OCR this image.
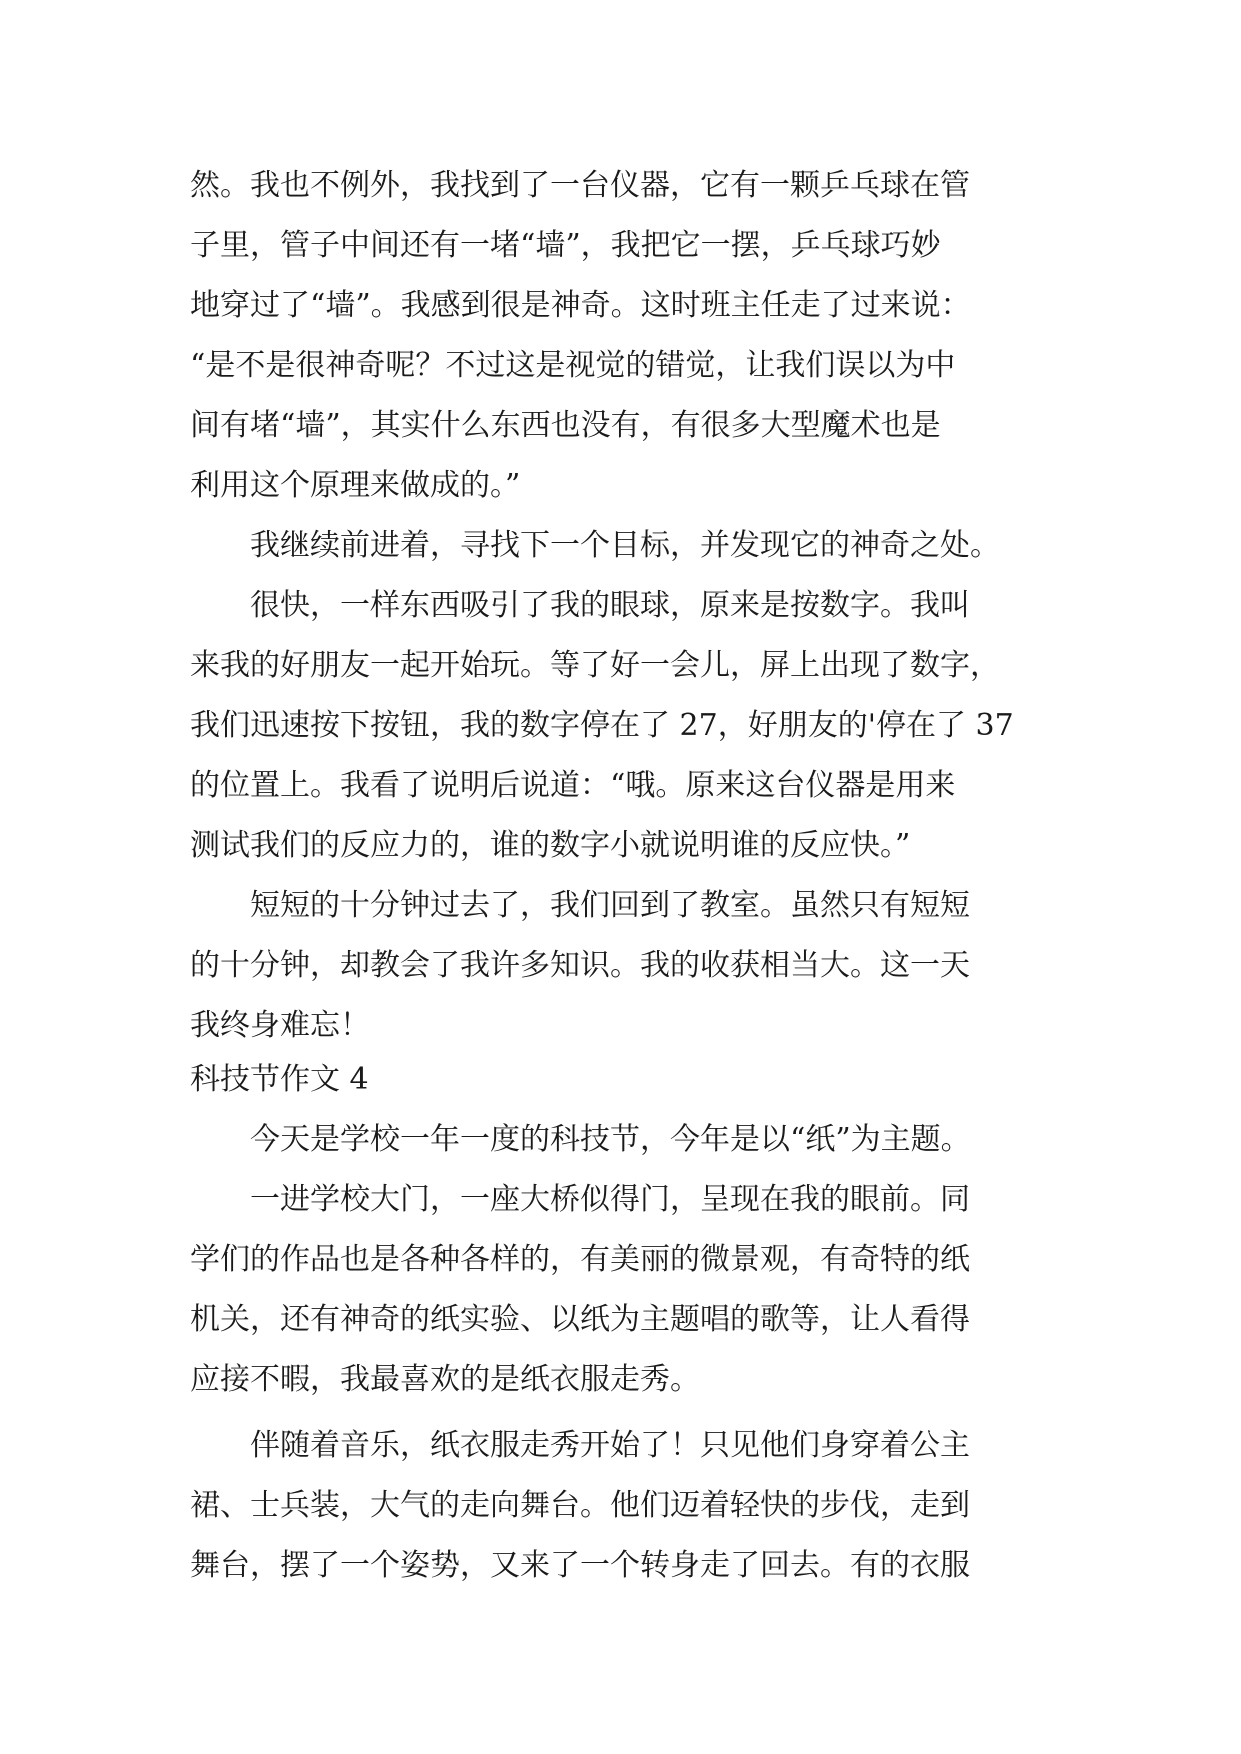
然。我也不例外，我找到了一台仪器，它有一颗乒乓球在管
子里，管子中间还有一堵“墙”，我把它一摆，乒乓球巧妙
地穿过了“墙”。我感到很是神奇。这时班主任走了过来说：
“是不是很神奇呢？不过这是视觉的错觉，让我们误以为中
间有堵“墙”，其实什么东西也没有，有很多大型魔术也是
利用这个原理来做成的。”
　　我继续前进着，寻找下一个目标，并发现它的神奇之处。
　　很快，一样东西吸引了我的眼球，原来是按数字。我叫
来我的好朋友一起开始玩。等了好一会儿，屏上出现了数字，
我们迅速按下按钮，我的数字停在了 27，好朋友的'停在了 37
的位置上。我看了说明后说道：“哦。原来这台仪器是用来
测试我们的反应力的，谁的数字小就说明谁的反应快。”
　　短短的十分钟过去了，我们回到了教室。虽然只有短短
的十分钟，却教会了我许多知识。我的收获相当大。这一天
我终身难忘！
科技节作文 4
　　今天是学校一年一度的科技节，今年是以“纸”为主题。
　　一进学校大门，一座大桥似得门，呈现在我的眼前。同
学们的作品也是各种各样的，有美丽的微景观，有奇特的纸
机关，还有神奇的纸实验、以纸为主题唱的歌等，让人看得
应接不暇，我最喜欢的是纸衣服走秀。
　　伴随着音乐，纸衣服走秀开始了！只见他们身穿着公主
裙、士兵装，大气的走向舞台。他们迈着轻快的步伐，走到
舞台，摆了一个姿势，又来了一个转身走了回去。有的衣服
